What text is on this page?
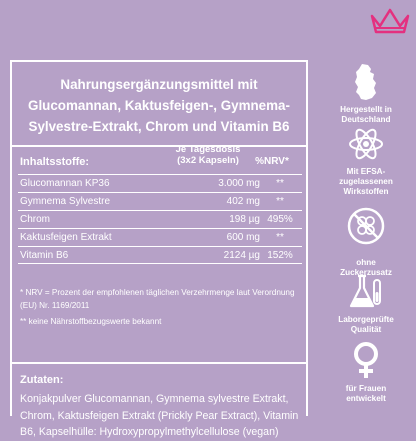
Nahrungsergänzungsmittel mit
Glucomannan, Kaktusfeigen-, Gymnema-
Sylvestre-Extrakt, Chrom und Vitamin B6
Inhaltsstoffe:
Je Tagesdosis
(3x2 Kapseln)	%NRV*
Glucomannan KP36	3.000 mg	**
Gymnema Sylvestre	402 mg	**
Chrom	198 µg 495%
Kaktusfeigen Extrakt	600 mg	**
Vitamin B6	2124 µg 152%
* NRV = Prozent der empfohlenen täglichen Verzehrmenge laut Verordnung (EU) Nr. 1169/2011
** keine Nährstoffbezugswerte bekannt
Zutaten:
Konjakpulver Glucomannan, Gymnema sylvestre Extrakt, Chrom, Kaktusfeigen Extrakt (Prickly Pear Extract), Vitamin B6, Kapselhülle: Hydroxypropylmethylcellulose (vegan)
Hergestellt in
Deutschland
Mit EFSA-
zugelassenen
Wirkstoffen
ohne Zuckerzusatz
Laborgeprüfte
Qualität
für Frauen
entwickelt
